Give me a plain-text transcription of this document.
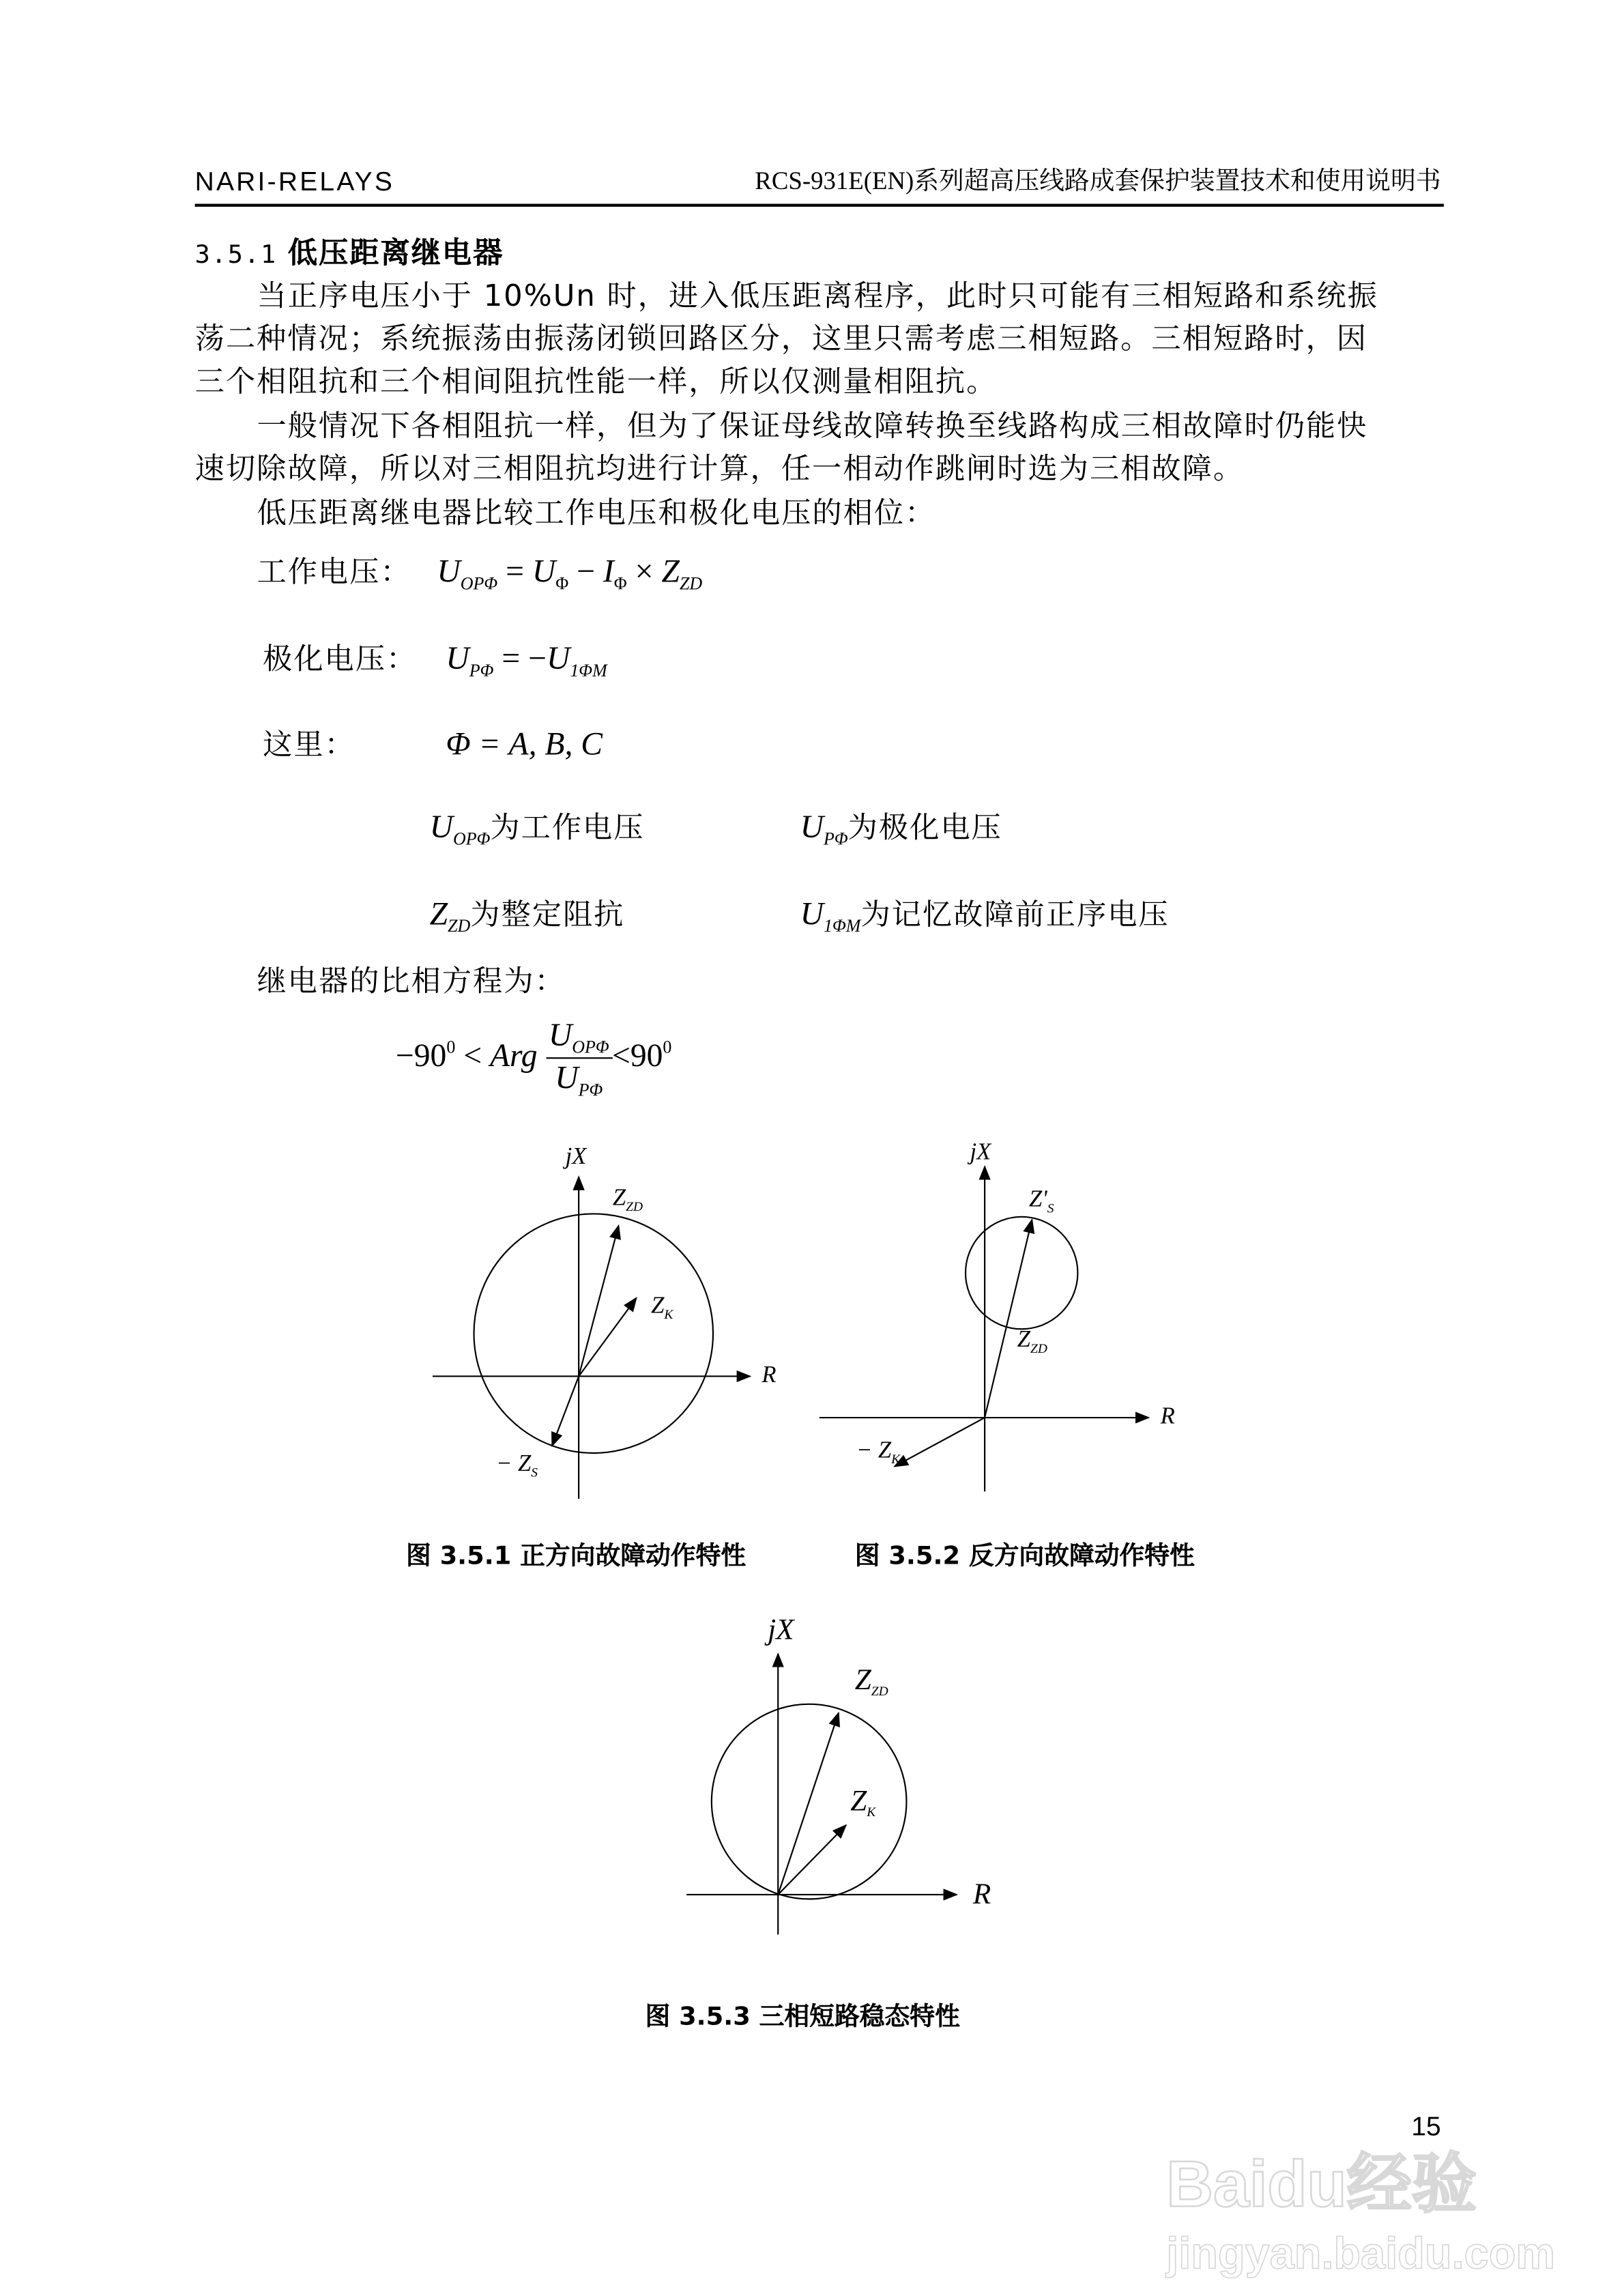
Baidu经验
jingyan.baidu.com
NARI-RELAYS	RCS-931E(EN)系列超高压线路成套保护装置技术和使用说明书
3.5.1 低压距离继电器
当正序电压小于 10%Un 时，进入低压距离程序，此时只可能有三相短路和系统振
荡二种情况；系统振荡由振荡闭锁回路区分，这里只需考虑三相短路。三相短路时，因
三个相阻抗和三个相间阻抗性能一样，所以仅测量相阻抗。
一般情况下各相阻抗一样，但为了保证母线故障转换至线路构成三相故障时仍能快
速切除故障，所以对三相阻抗均进行计算，任一相动作跳闸时选为三相故障。
低压距离继电器比较工作电压和极化电压的相位：
工作电压： $U_{OP\Phi} = U_\Phi - I_\Phi \times Z_{ZD}$
极化电压： $U_{P\Phi} = -U_{1\Phi M}$
这里：	Φ = A, B, C
$U_{OP\Phi}$为工作电压	$U_{P\Phi}$为极化电压
$Z_{ZD}$为整定阻抗	$U_{1\Phi M}$为记忆故障前正序电压
继电器的比相方程为：
$-90^0$ < Arg $\frac{U_{OP\Phi}}{U_{P\Phi}} <90^0$
jX
R
$Z_{ZD}$
$Z_K$
− $Z_S$
jX
R
$Z'_S$
$Z_{ZD}$
− $Z_K$
图 3.5.1 正方向故障动作特性	图 3.5.2 反方向故障动作特性
jX
R
$Z_{ZD}$
$Z_K$
图 3.5.3 三相短路稳态特性
15
